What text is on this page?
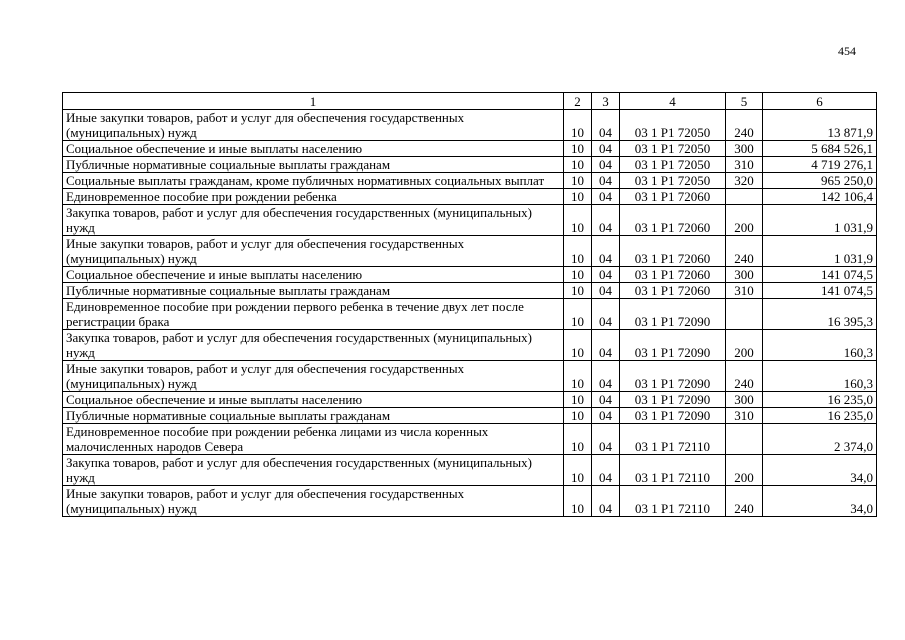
454
1	2	3	4	5	6
Иные закупки товаров, работ и услуг для обеспечения государственных (муниципальных) нужд	10	04	03 1 P1 72050	240	13 871,9
Социальное обеспечение и иные выплаты населению	10	04	03 1 P1 72050	300	5 684 526,1
Публичные нормативные социальные выплаты гражданам	10	04	03 1 P1 72050	310	4 719 276,1
Социальные выплаты гражданам, кроме публичных нормативных социальных выплат	10	04	03 1 P1 72050	320	965 250,0
Единовременное пособие при рождении ребенка	10	04	03 1 P1 72060		142 106,4
Закупка товаров, работ и услуг для обеспечения государственных (муниципальных) нужд	10	04	03 1 P1 72060	200	1 031,9
Иные закупки товаров, работ и услуг для обеспечения государственных (муниципальных) нужд	10	04	03 1 P1 72060	240	1 031,9
Социальное обеспечение и иные выплаты населению	10	04	03 1 P1 72060	300	141 074,5
Публичные нормативные социальные выплаты гражданам	10	04	03 1 P1 72060	310	141 074,5
Единовременное пособие при рождении первого ребенка в течение двух лет после регистрации брака	10	04	03 1 P1 72090		16 395,3
Закупка товаров, работ и услуг для обеспечения государственных (муниципальных) нужд	10	04	03 1 P1 72090	200	160,3
Иные закупки товаров, работ и услуг для обеспечения государственных (муниципальных) нужд	10	04	03 1 P1 72090	240	160,3
Социальное обеспечение и иные выплаты населению	10	04	03 1 P1 72090	300	16 235,0
Публичные нормативные социальные выплаты гражданам	10	04	03 1 P1 72090	310	16 235,0
Единовременное пособие при рождении ребенка лицами из числа коренных малочисленных народов Севера	10	04	03 1 P1 72110		2 374,0
Закупка товаров, работ и услуг для обеспечения государственных (муниципальных) нужд	10	04	03 1 P1 72110	200	34,0
Иные закупки товаров, работ и услуг для обеспечения государственных (муниципальных) нужд	10	04	03 1 P1 72110	240	34,0
